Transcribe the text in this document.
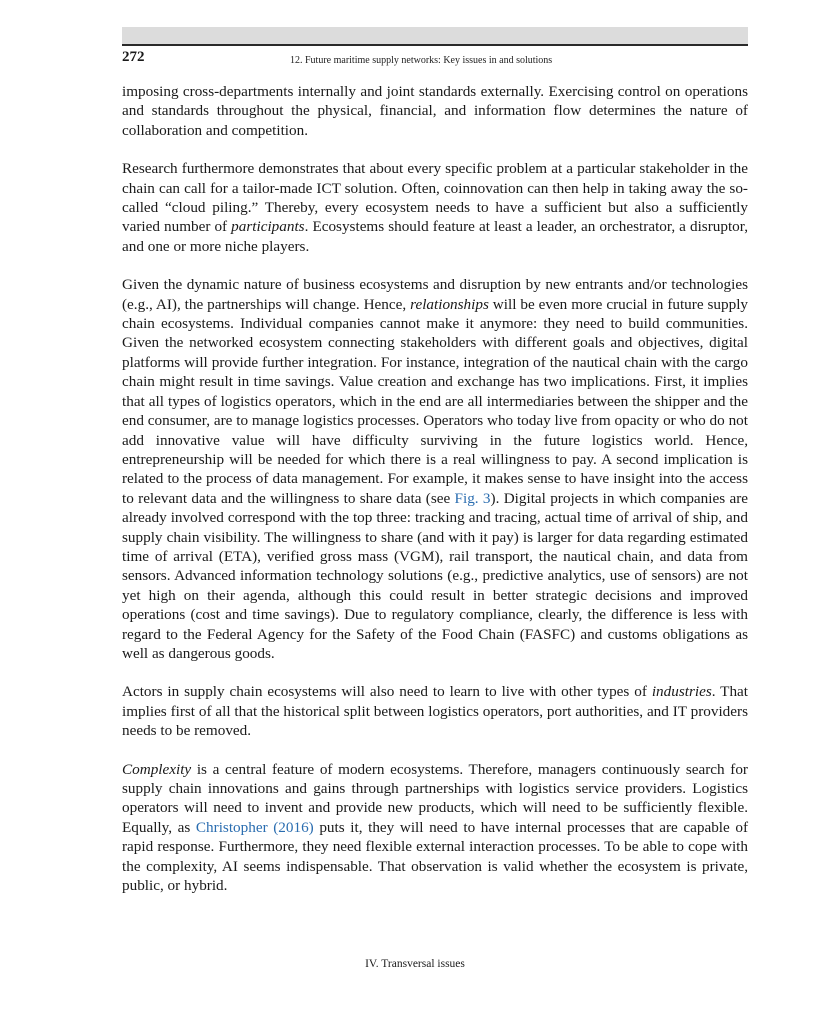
272	12. Future maritime supply networks: Key issues in and solutions

imposing cross-departments internally and joint standards externally. Exercising control on operations and standards throughout the physical, financial, and information flow determines the nature of collaboration and competition.

Research furthermore demonstrates that about every specific problem at a particular stakeholder in the chain can call for a tailor-made ICT solution. Often, coinnovation can then help in taking away the so-called “cloud piling.” Thereby, every ecosystem needs to have a sufficient but also a sufficiently varied number of participants. Ecosystems should feature at least a leader, an orchestrator, a disruptor, and one or more niche players.

Given the dynamic nature of business ecosystems and disruption by new entrants and/or technologies (e.g., AI), the partnerships will change. Hence, relationships will be even more crucial in future supply chain ecosystems. Individual companies cannot make it anymore: they need to build communities. Given the networked ecosystem connecting stakeholders with different goals and objectives, digital platforms will provide further integration. For instance, integration of the nautical chain with the cargo chain might result in time savings. Value creation and exchange has two implications. First, it implies that all types of logistics operators, which in the end are all intermediaries between the shipper and the end consumer, are to manage logistics processes. Operators who today live from opacity or who do not add innovative value will have difficulty surviving in the future logistics world. Hence, entrepreneurship will be needed for which there is a real willingness to pay. A second implication is related to the process of data management. For example, it makes sense to have insight into the access to relevant data and the willingness to share data (see Fig. 3). Digital projects in which companies are already involved correspond with the top three: tracking and tracing, actual time of arrival of ship, and supply chain visibility. The willingness to share (and with it pay) is larger for data regarding estimated time of arrival (ETA), verified gross mass (VGM), rail transport, the nautical chain, and data from sensors. Advanced information technology solutions (e.g., predictive analytics, use of sensors) are not yet high on their agenda, although this could result in better strategic decisions and improved operations (cost and time savings). Due to regulatory compliance, clearly, the difference is less with regard to the Federal Agency for the Safety of the Food Chain (FASFC) and customs obligations as well as dangerous goods.

Actors in supply chain ecosystems will also need to learn to live with other types of industries. That implies first of all that the historical split between logistics operators, port authorities, and IT providers needs to be removed.

Complexity is a central feature of modern ecosystems. Therefore, managers continuously search for supply chain innovations and gains through partnerships with logistics service providers. Logistics operators will need to invent and provide new products, which will need to be sufficiently flexible. Equally, as Christopher (2016) puts it, they will need to have internal processes that are capable of rapid response. Furthermore, they need flexible external interaction processes. To be able to cope with the complexity, AI seems indispensable. That observation is valid whether the ecosystem is private, public, or hybrid.

IV. Transversal issues
